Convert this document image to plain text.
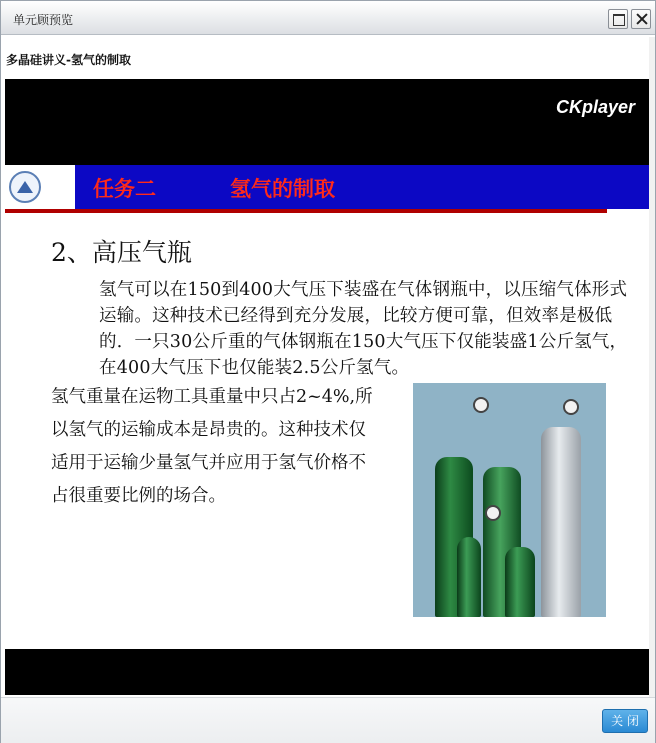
单元顾预览
多晶硅讲义-氢气的制取
CKplayer
任务二	氢气的制取
2、高压气瓶
氢气可以在150到400大气压下装盛在气体钢瓶中，以压缩气体形式运输。这种技术已经得到充分发展，比较方便可靠，但效率是极低的．一只30公斤重的气体钢瓶在150大气压下仅能装盛1公斤氢气，在400大气压下也仅能装2.5公斤氢气。
氢气重量在运物工具重量中只占2~4%,所以氢气的运输成本是昂贵的。这种技术仅适用于运输少量氢气并应用于氢气价格不占很重要比例的场合。
关 闭
